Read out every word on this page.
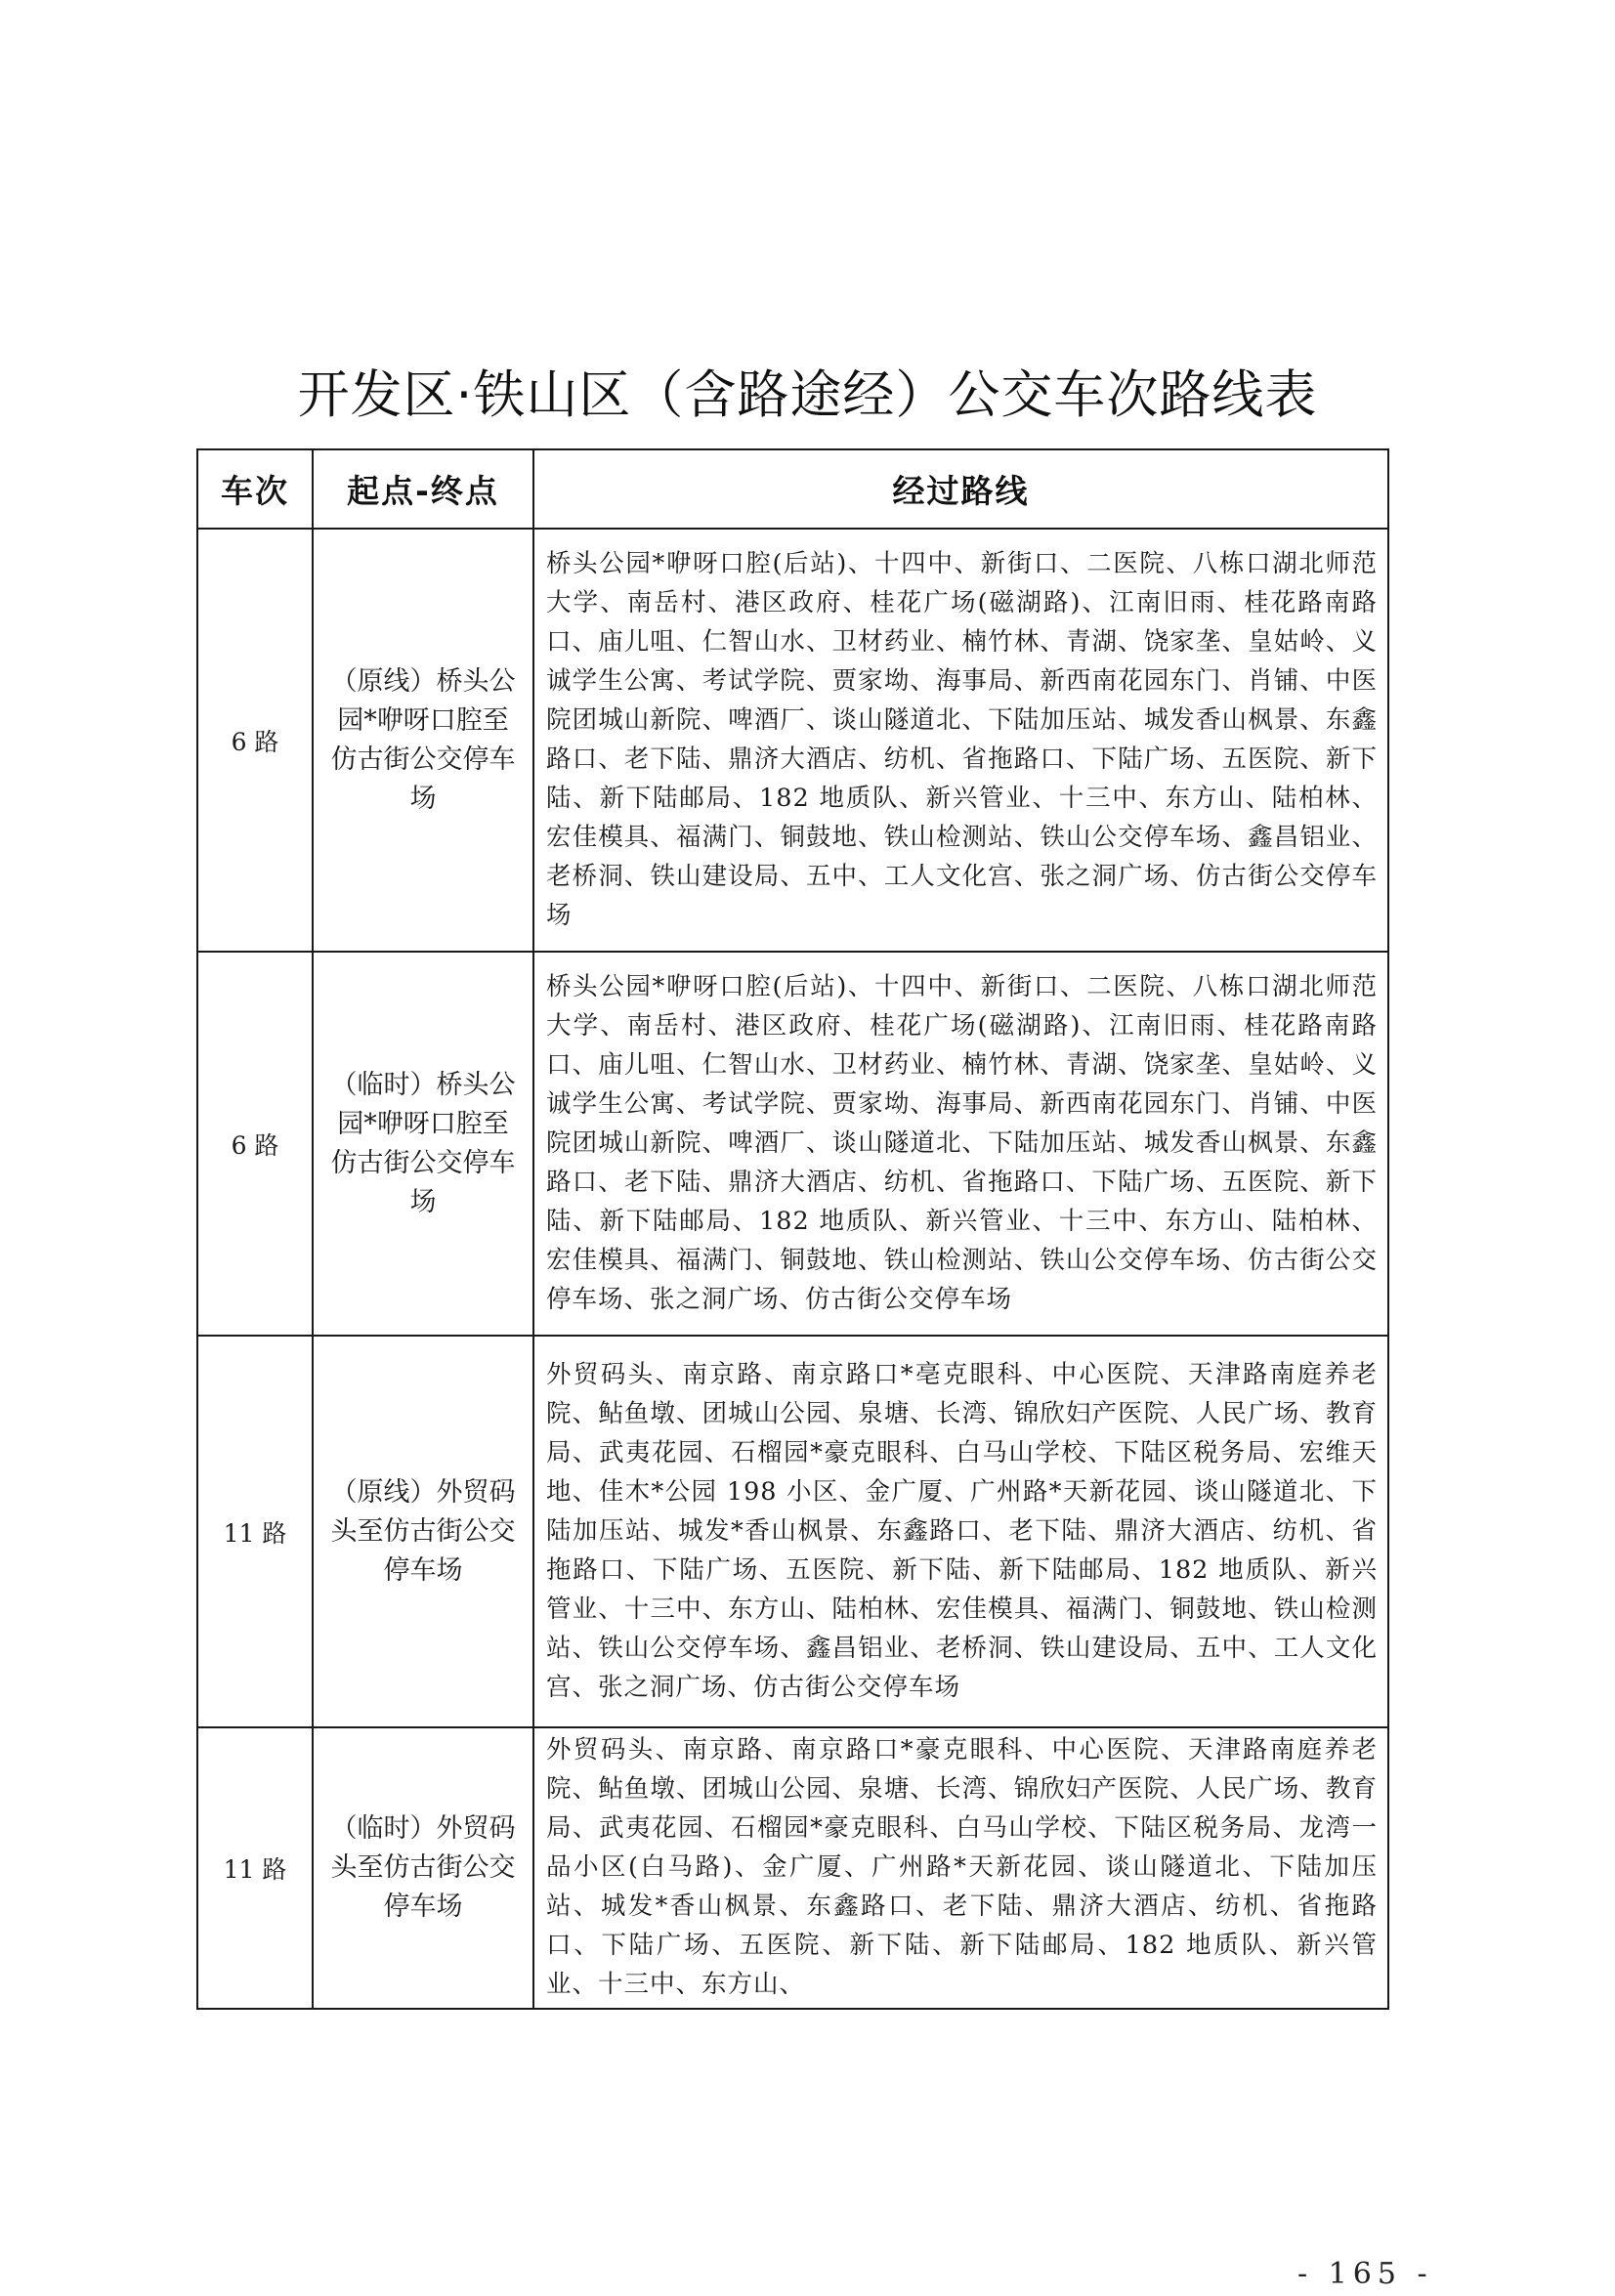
开发区·铁山区（含路途经）公交车次路线表
车次	起点-终点	经过路线
6 路	（原线）桥头公园*咿呀口腔至仿古街公交停车场	桥头公园*咿呀口腔(后站)、十四中、新街口、二医院、八栋口湖北师范大学、南岳村、港区政府、桂花广场(磁湖路)、江南旧雨、桂花路南路口、庙儿咀、仁智山水、卫材药业、楠竹林、青湖、饶家垄、皇姑岭、义诚学生公寓、考试学院、贾家坳、海事局、新西南花园东门、肖铺、中医院团城山新院、啤酒厂、谈山隧道北、下陆加压站、城发香山枫景、东鑫路口、老下陆、鼎济大酒店、纺机、省拖路口、下陆广场、五医院、新下陆、新下陆邮局、182 地质队、新兴管业、十三中、东方山、陆柏林、宏佳模具、福满门、铜鼓地、铁山检测站、铁山公交停车场、鑫昌铝业、老桥洞、铁山建设局、五中、工人文化宫、张之洞广场、仿古街公交停车场
6 路	（临时）桥头公园*咿呀口腔至仿古街公交停车场	桥头公园*咿呀口腔(后站)、十四中、新街口、二医院、八栋口湖北师范大学、南岳村、港区政府、桂花广场(磁湖路)、江南旧雨、桂花路南路口、庙儿咀、仁智山水、卫材药业、楠竹林、青湖、饶家垄、皇姑岭、义诚学生公寓、考试学院、贾家坳、海事局、新西南花园东门、肖铺、中医院团城山新院、啤酒厂、谈山隧道北、下陆加压站、城发香山枫景、东鑫路口、老下陆、鼎济大酒店、纺机、省拖路口、下陆广场、五医院、新下陆、新下陆邮局、182 地质队、新兴管业、十三中、东方山、陆柏林、宏佳模具、福满门、铜鼓地、铁山检测站、铁山公交停车场、仿古街公交停车场、张之洞广场、仿古街公交停车场
11 路	（原线）外贸码头至仿古街公交停车场	外贸码头、南京路、南京路口*亳克眼科、中心医院、天津路南庭养老院、鲇鱼墩、团城山公园、泉塘、长湾、锦欣妇产医院、人民广场、教育局、武夷花园、石榴园*豪克眼科、白马山学校、下陆区税务局、宏维天地、佳木*公园 198 小区、金广厦、广州路*天新花园、谈山隧道北、下陆加压站、城发*香山枫景、东鑫路口、老下陆、鼎济大酒店、纺机、省拖路口、下陆广场、五医院、新下陆、新下陆邮局、182 地质队、新兴管业、十三中、东方山、陆柏林、宏佳模具、福满门、铜鼓地、铁山检测站、铁山公交停车场、鑫昌铝业、老桥洞、铁山建设局、五中、工人文化宫、张之洞广场、仿古街公交停车场
11 路	（临时）外贸码头至仿古街公交停车场	外贸码头、南京路、南京路口*豪克眼科、中心医院、天津路南庭养老院、鲇鱼墩、团城山公园、泉塘、长湾、锦欣妇产医院、人民广场、教育局、武夷花园、石榴园*豪克眼科、白马山学校、下陆区税务局、龙湾一品小区(白马路)、金广厦、广州路*天新花园、谈山隧道北、下陆加压站、城发*香山枫景、东鑫路口、老下陆、鼎济大酒店、纺机、省拖路口、下陆广场、五医院、新下陆、新下陆邮局、182 地质队、新兴管业、十三中、东方山、
- 165 -
